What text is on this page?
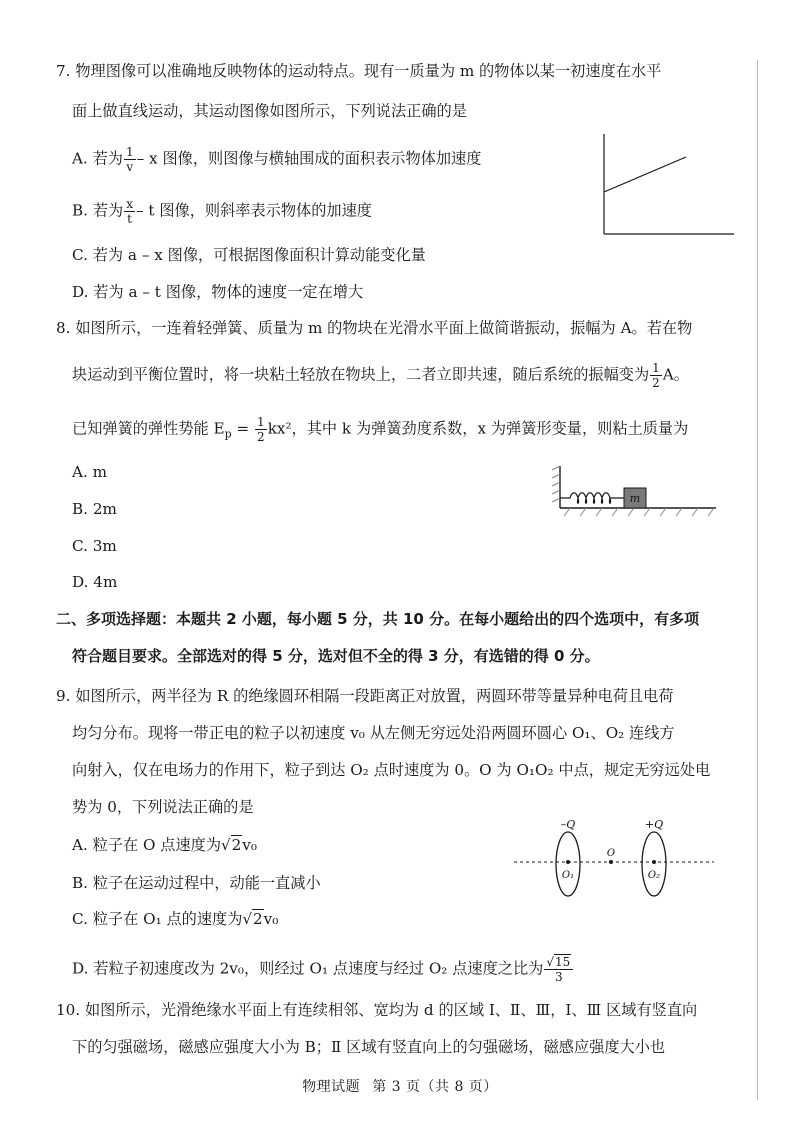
7. 物理图像可以准确地反映物体的运动特点。现有一质量为 m 的物体以某一初速度在水平
面上做直线运动，其运动图像如图所示，下列说法正确的是
A. 若为 $\frac{1}{v}$ – x 图像，则图像与横轴围成的面积表示物体加速度
B. 若为 $\frac{x}{t}$ – t 图像，则斜率表示物体的加速度
C. 若为 a – x 图像，可根据图像面积计算动能变化量
D. 若为 a – t 图像，物体的速度一定在增大
8. 如图所示，一连着轻弹簧、质量为 m 的物块在光滑水平面上做简谐振动，振幅为 A。若在物
块运动到平衡位置时，将一块粘土轻放在物块上，二者立即共速，随后系统的振幅变为 $\frac{1}{2}$ A。
已知弹簧的弹性势能 $E_p = \frac{1}{2} kx^2$，其中 k 为弹簧劲度系数，x 为弹簧形变量，则粘土质量为
A. m
B. 2m
C. 3m
D. 4m
m
二、多项选择题：本题共 2 小题，每小题 5 分，共 10 分。在每小题给出的四个选项中，有多项
符合题目要求。全部选对的得 5 分，选对但不全的得 3 分，有选错的得 0 分。
9. 如图所示，两半径为 R 的绝缘圆环相隔一段距离正对放置，两圆环带等量异种电荷且电荷
均匀分布。现将一带正电的粒子以初速度 v₀ 从左侧无穷远处沿两圆环圆心 O₁、O₂ 连线方
向射入，仅在电场力的作用下，粒子到达 O₂ 点时速度为 0。O 为 O₁O₂ 中点，规定无穷远处电
势为 0，下列说法正确的是
A. 粒子在 O 点速度为√2v₀
B. 粒子在运动过程中，动能一直减小
C. 粒子在 O₁ 点的速度为√2v₀
D. 若粒子初速度改为 2v₀，则经过 O₁ 点速度与经过 O₂ 点速度之比为 $\frac{√15}{3}$
–Q	+Q
O
O₁	O₂
10. 如图所示，光滑绝缘水平面上有连续相邻、宽均为 d 的区域 Ⅰ、Ⅱ、Ⅲ，Ⅰ、Ⅲ 区域有竖直向
下的匀强磁场，磁感应强度大小为 B；Ⅱ 区域有竖直向上的匀强磁场，磁感应强度大小也
物理试题 第 3 页（共 8 页）
